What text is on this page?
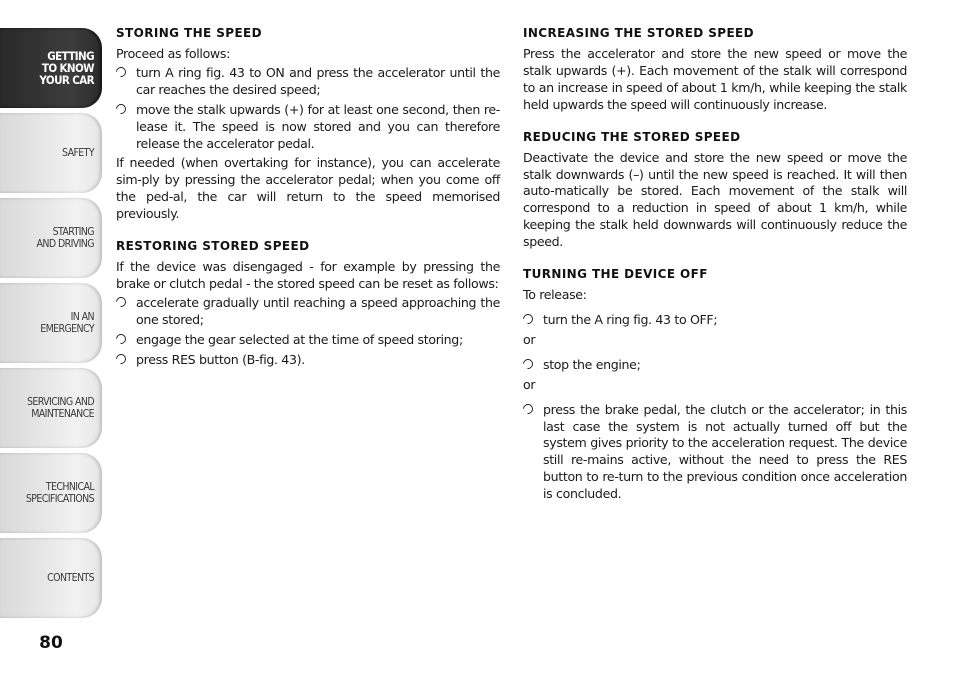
GETTING
TO KNOW
YOUR CAR
SAFETY
STARTING
AND DRIVING
IN AN
EMERGENCY
SERVICING AND
MAINTENANCE
TECHNICAL
SPECIFICATIONS
CONTENTS
80
STORING THE SPEED
Proceed as follows:
turn A ring fig. 43 to ON and press the accelerator until the car reaches the desired speed;
move the stalk upwards (+) for at least one second, then re-lease it. The speed is now stored and you can therefore release the accelerator pedal.
If needed (when overtaking for instance), you can accelerate sim-ply by pressing the accelerator pedal; when you come off the ped-al, the car will return to the speed memorised previously.
RESTORING STORED SPEED
If the device was disengaged - for example by pressing the brake or clutch pedal - the stored speed can be reset as follows:
accelerate gradually until reaching a speed approaching the one stored;
engage the gear selected at the time of speed storing;
press RES button (B-fig. 43).
INCREASING THE STORED SPEED
Press the accelerator and store the new speed or move the stalk upwards (+). Each movement of the stalk will correspond to an increase in speed of about 1 km/h, while keeping the stalk held upwards the speed will continuously increase.
REDUCING THE STORED SPEED
Deactivate the device and store the new speed or move the stalk downwards (–) until the new speed is reached. It will then auto-matically be stored. Each movement of the stalk will correspond to a reduction in speed of about 1 km/h, while keeping the stalk held downwards will continuously reduce the speed.
TURNING THE DEVICE OFF
To release:
turn the A ring fig. 43 to OFF;
or
stop the engine;
or
press the brake pedal, the clutch or the accelerator; in this last case the system is not actually turned off but the system gives priority to the acceleration request. The device still re-mains active, without the need to press the RES button to re-turn to the previous condition once acceleration is concluded.
